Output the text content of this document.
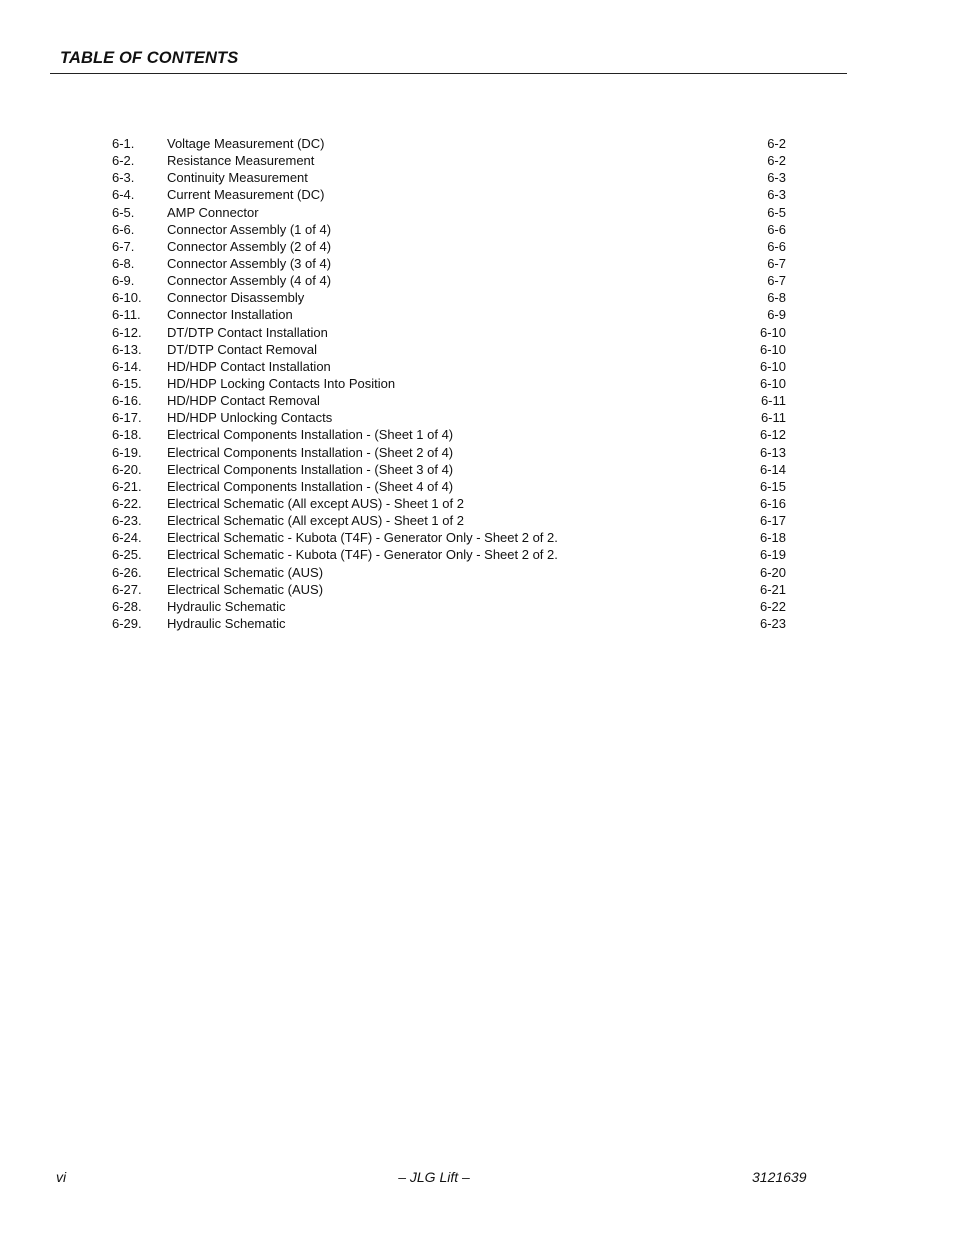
TABLE OF CONTENTS
6-1.	Voltage Measurement (DC)	6-2
6-2.	Resistance Measurement	6-2
6-3.	Continuity Measurement	6-3
6-4.	Current Measurement (DC)	6-3
6-5.	AMP Connector	6-5
6-6.	Connector Assembly (1 of 4)	6-6
6-7.	Connector Assembly (2 of 4)	6-6
6-8.	Connector Assembly (3 of 4)	6-7
6-9.	Connector Assembly (4 of 4)	6-7
6-10.	Connector Disassembly	6-8
6-11.	Connector Installation	6-9
6-12.	DT/DTP Contact Installation	6-10
6-13.	DT/DTP Contact Removal	6-10
6-14.	HD/HDP Contact Installation	6-10
6-15.	HD/HDP Locking Contacts Into Position	6-10
6-16.	HD/HDP Contact Removal	6-11
6-17.	HD/HDP Unlocking Contacts	6-11
6-18.	Electrical Components Installation - (Sheet 1 of 4)	6-12
6-19.	Electrical Components Installation - (Sheet 2 of 4)	6-13
6-20.	Electrical Components Installation - (Sheet 3 of 4)	6-14
6-21.	Electrical Components Installation - (Sheet 4 of 4)	6-15
6-22.	Electrical Schematic (All except AUS) - Sheet 1 of 2	6-16
6-23.	Electrical Schematic (All except AUS) - Sheet 1 of 2	6-17
6-24.	Electrical Schematic - Kubota (T4F) - Generator Only - Sheet 2 of 2.	6-18
6-25.	Electrical Schematic - Kubota (T4F) - Generator Only - Sheet 2 of 2.	6-19
6-26.	Electrical Schematic (AUS)	6-20
6-27.	Electrical Schematic (AUS)	6-21
6-28.	Hydraulic Schematic	6-22
6-29.	Hydraulic Schematic	6-23
vi	– JLG Lift –	3121639
